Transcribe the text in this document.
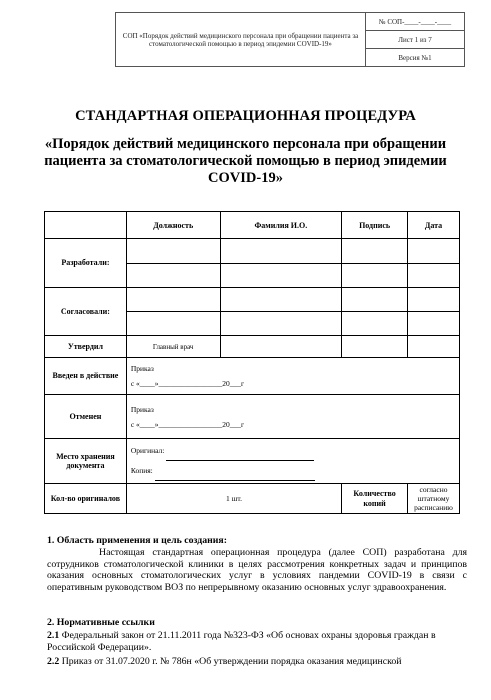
СОП «Порядок действий медицинского персонала при обращении пациента за стоматологической помощью в период эпидемии COVID-19»	№ СОП-____-____-____
Лист 1 из 7
Версия №1
СТАНДАРТНАЯ ОПЕРАЦИОННАЯ ПРОЦЕДУРА
«Порядок действий медицинского персонала при обращении пациента за стоматологической помощью в период эпидемии COVID-19»
	Должность	Фамилия И.О.	Подпись	Дата
Разработали:				

Согласовали:				

Утвердил	Главный врач			
Введен в действие	Приказ
с «____»_________________20___г			

Отменен	Приказ
с «____»_________________20___г			

Место хранения документа	Оригинал:
Копия:			

Кол-во оригиналов	1 шт.		Количество копий	согласно штатному расписанию
1. Область применения и цель создания:
Настоящая стандартная операционная процедура (далее СОП) разработана для сотрудников стоматологической клиники в целях рассмотрения конкретных задач и принципов оказания основных стоматологических услуг в условиях пандемии COVID-19 в связи с оперативным руководством ВОЗ по непрерывному оказанию основных услуг здравоохранения.
2. Нормативные ссылки
2.1 Федеральный закон от 21.11.2011 года №323-ФЗ «Об основах охраны здоровья граждан в Российской Федерации».
2.2 Приказ от 31.07.2020 г. № 786н «Об утверждении порядка оказания медицинской
